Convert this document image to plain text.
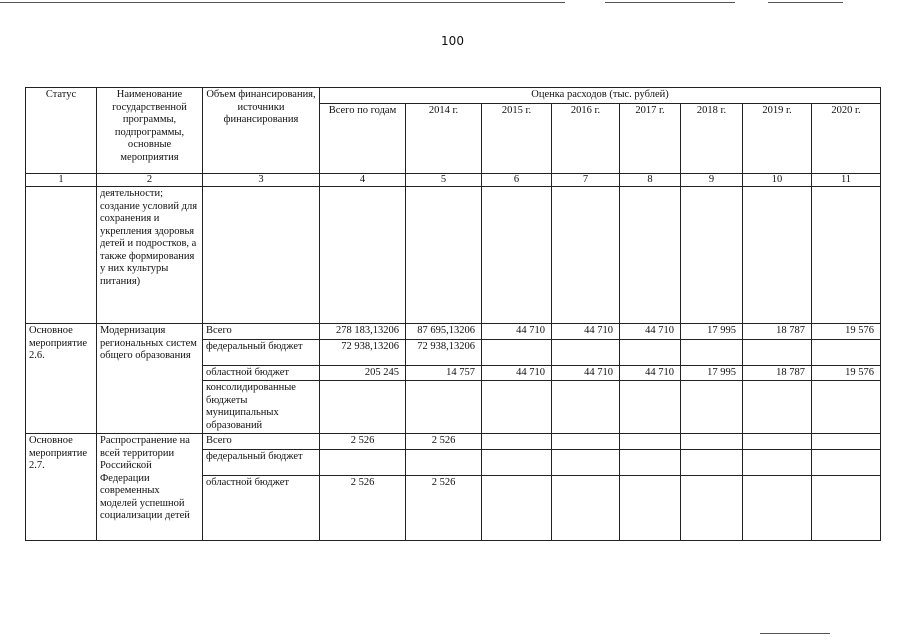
100
Статус	Наименование государственной программы, подпрограммы, основные мероприятия	Объем финансирования, источники финансирования	Оценка расходов (тыс. рублей)							
			Всего по годам	2014 г.	2015 г.	2016 г.	2017 г.	2018 г.	2019 г.	2020 г.
1	2	3	4	5	6	7	8	9	10	11
	деятельности; создание условий для сохранения и укрепления здоровья детей и подростков, а также формирования у них культуры питания)									
Основное мероприятие 2.6.	Модернизация региональных систем общего образования	Всего	278 183,13206	87 695,13206	44 710	44 710	44 710	17 995	18 787	19 576
		федеральный бюджет	72 938,13206	72 938,13206						
		областной бюджет	205 245	14 757	44 710	44 710	44 710	17 995	18 787	19 576
		консолидированные бюджеты муниципальных образований								
Основное мероприятие 2.7.	Распространение на всей территории Российской Федерации современных моделей успешной социализации детей	Всего	2 526	2 526						
		федеральный бюджет								
		областной бюджет	2 526	2 526						
